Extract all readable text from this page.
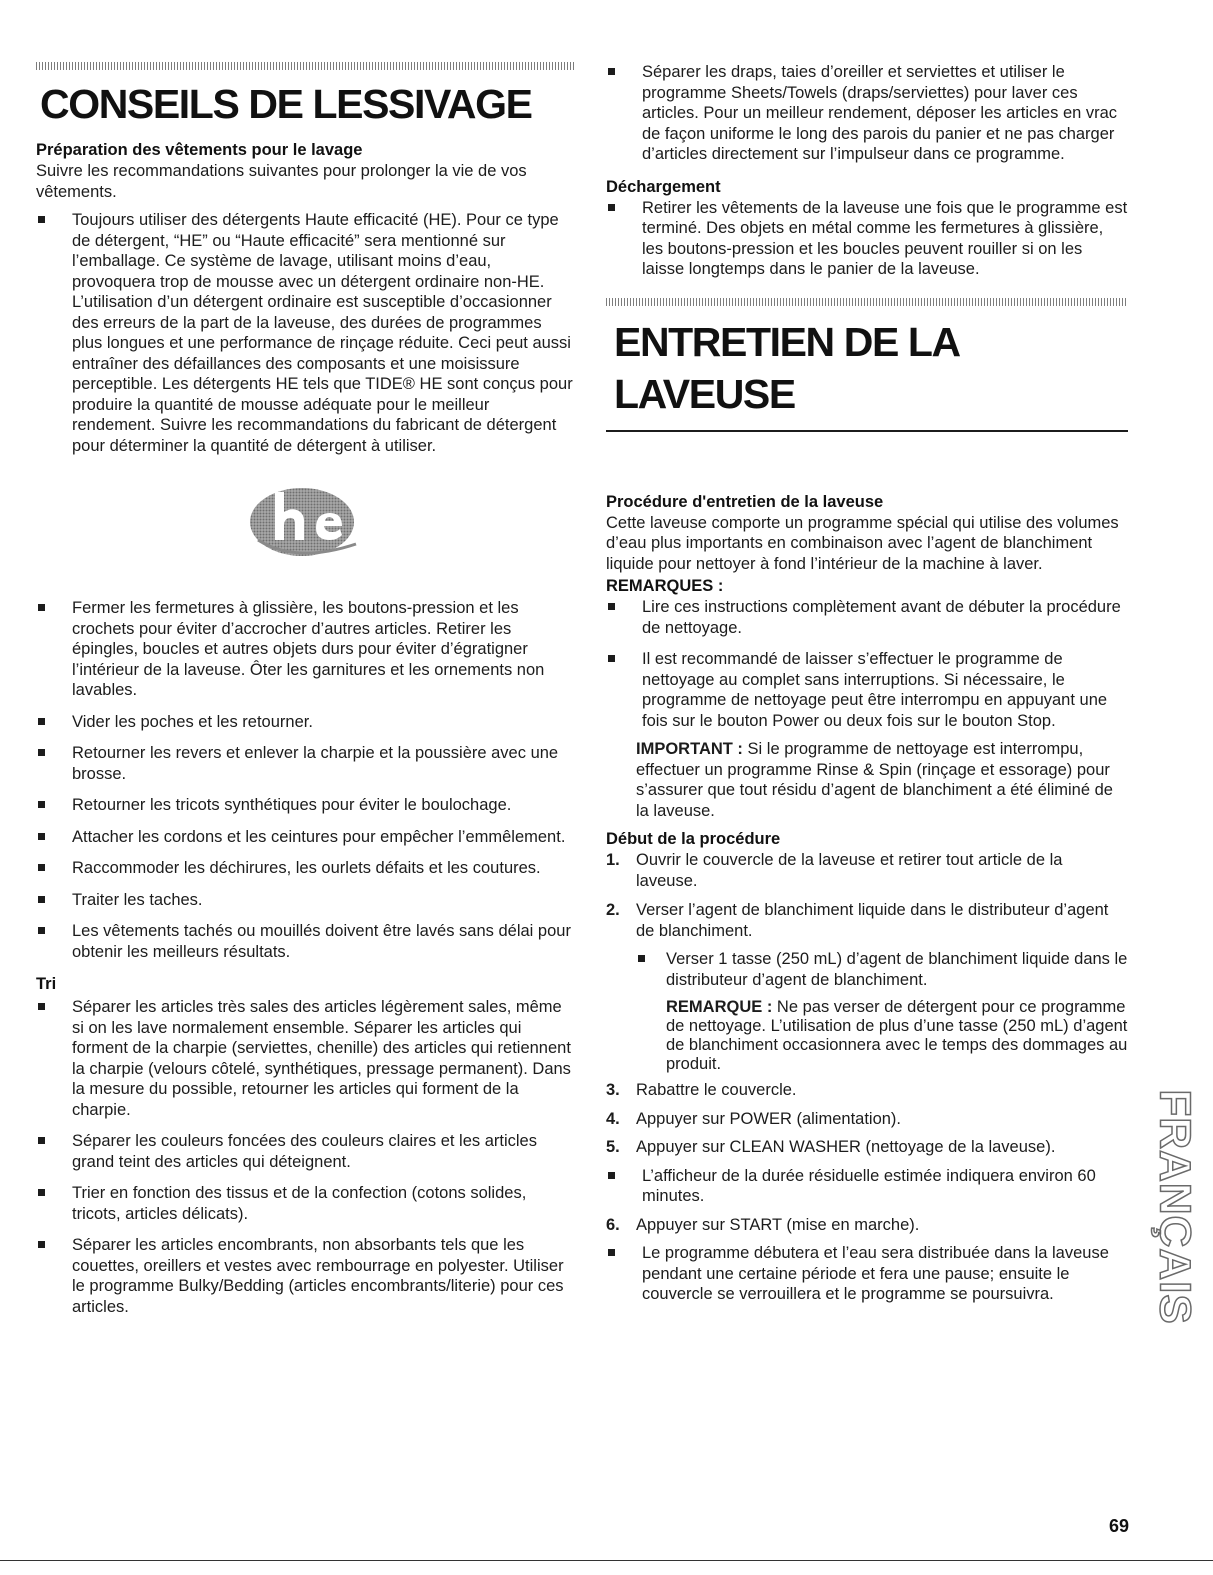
CONSEILS DE LESSIVAGE
Préparation des vêtements pour le lavage

Suivre les recommandations suivantes pour prolonger la vie de vos vêtements.

Toujours utiliser des détergents Haute efficacité (HE). Pour ce type de détergent, “HE” ou “Haute efficacité” sera mentionné sur l’emballage. Ce système de lavage, utilisant moins d’eau, provoquera trop de mousse avec un détergent ordinaire non-HE. L’utilisation d’un détergent ordinaire est susceptible d’occasionner des erreurs de la part de la laveuse, des durées de programmes plus longues et une performance de rinçage réduite. Ceci peut aussi entraîner des défaillances des composants et une moisissure perceptible. Les détergents HE tels que TIDE® HE sont conçus pour produire la quantité de mousse adéquate pour le meilleur rendement. Suivre les recommandations du fabricant de détergent pour déterminer la quantité de détergent à utiliser.
Fermer les fermetures à glissière, les boutons-pression et les crochets pour éviter d’accrocher d’autres articles. Retirer les épingles, boucles et autres objets durs pour éviter d’égratigner l’intérieur de la laveuse. Ôter les garnitures et les ornements non lavables.
Vider les poches et les retourner.
Retourner les revers et enlever la charpie et la poussière avec une brosse.
Retourner les tricots synthétiques pour éviter le boulochage.
Attacher les cordons et les ceintures pour empêcher l’emmêlement.
Raccommoder les déchirures, les ourlets défaits et les coutures.
Traiter les taches.
Les vêtements tachés ou mouillés doivent être lavés sans délai pour obtenir les meilleurs résultats.
Tri
Séparer les articles très sales des articles légèrement sales, même si on les lave normalement ensemble. Séparer les articles qui forment de la charpie (serviettes, chenille) des articles qui retiennent la charpie (velours côtelé, synthétiques, pressage permanent). Dans la mesure du possible, retourner les articles qui forment de la charpie.
Séparer les couleurs foncées des couleurs claires et les articles grand teint des articles qui déteignent.
Trier en fonction des tissus et de la confection (cotons solides, tricots, articles délicats).
Séparer les articles encombrants, non absorbants tels que les couettes, oreillers et vestes avec rembourrage en polyester. Utiliser le programme Bulky/Bedding (articles encombrants/literie) pour ces articles.
Séparer les draps, taies d’oreiller et serviettes et utiliser le programme Sheets/Towels (draps/serviettes) pour laver ces articles. Pour un meilleur rendement, déposer les articles en vrac de façon uniforme le long des parois du panier et ne pas charger d’articles directement sur l’impulseur dans ce programme.
Déchargement
Retirer les vêtements de la laveuse une fois que le programme est terminé. Des objets en métal comme les fermetures à glissière, les boutons-pression et les boucles peuvent rouiller si on les laisse longtemps dans le panier de la laveuse.
ENTRETIEN DE LA LAVEUSE
Procédure d'entretien de la laveuse

Cette laveuse comporte un programme spécial qui utilise des volumes d’eau plus importants en combinaison avec l’agent de blanchiment liquide pour nettoyer à fond l’intérieur de la machine à laver.

REMARQUES :
Lire ces instructions complètement avant de débuter la procédure de nettoyage.
Il est recommandé de laisser s’effectuer le programme de nettoyage au complet sans interruptions. Si nécessaire, le programme de nettoyage peut être interrompu en appuyant une fois sur le bouton Power ou deux fois sur le bouton Stop.

IMPORTANT : Si le programme de nettoyage est interrompu, effectuer un programme Rinse & Spin (rinçage et essorage) pour s’assurer que tout résidu d’agent de blanchiment a été éliminé de la laveuse.

Début de la procédure
1. Ouvrir le couvercle de la laveuse et retirer tout article de la laveuse.
2. Verser l’agent de blanchiment liquide dans le distributeur d’agent de blanchiment.
Verser 1 tasse (250 mL) d’agent de blanchiment liquide dans le distributeur d’agent de blanchiment.

REMARQUE : Ne pas verser de détergent pour ce programme de nettoyage. L’utilisation de plus d’une tasse (250 mL) d’agent de blanchiment occasionnera avec le temps des dommages au produit.

3. Rabattre le couvercle.
4. Appuyer sur POWER (alimentation).
5. Appuyer sur CLEAN WASHER (nettoyage de la laveuse).
L’afficheur de la durée résiduelle estimée indiquera environ 60 minutes.
6. Appuyer sur START (mise en marche).
Le programme débutera et l’eau sera distribuée dans la laveuse pendant une certaine période et fera une pause; ensuite le couvercle se verrouillera et le programme se poursuivra.	FRANÇAIS
69
